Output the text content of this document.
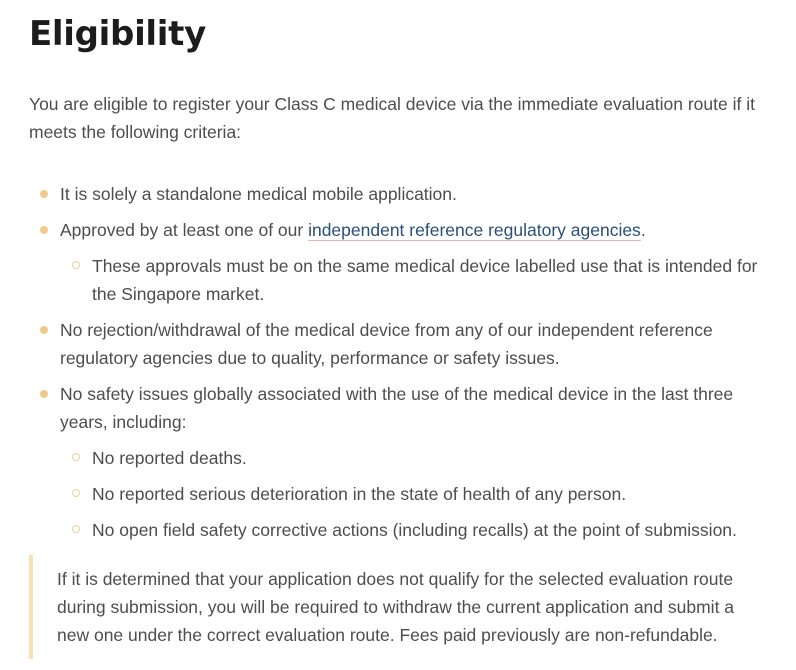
Eligibility

You are eligible to register your Class C medical device via the immediate evaluation route if it meets the following criteria:

It is solely a standalone medical mobile application.
Approved by at least one of our independent reference regulatory agencies.
These approvals must be on the same medical device labelled use that is intended for the Singapore market.
No rejection/withdrawal of the medical device from any of our independent reference regulatory agencies due to quality, performance or safety issues.
No safety issues globally associated with the use of the medical device in the last three years, including:
No reported deaths.
No reported serious deterioration in the state of health of any person.
No open field safety corrective actions (including recalls) at the point of submission.
If it is determined that your application does not qualify for the selected evaluation route during submission, you will be required to withdraw the current application and submit a new one under the correct evaluation route. Fees paid previously are non-refundable.
